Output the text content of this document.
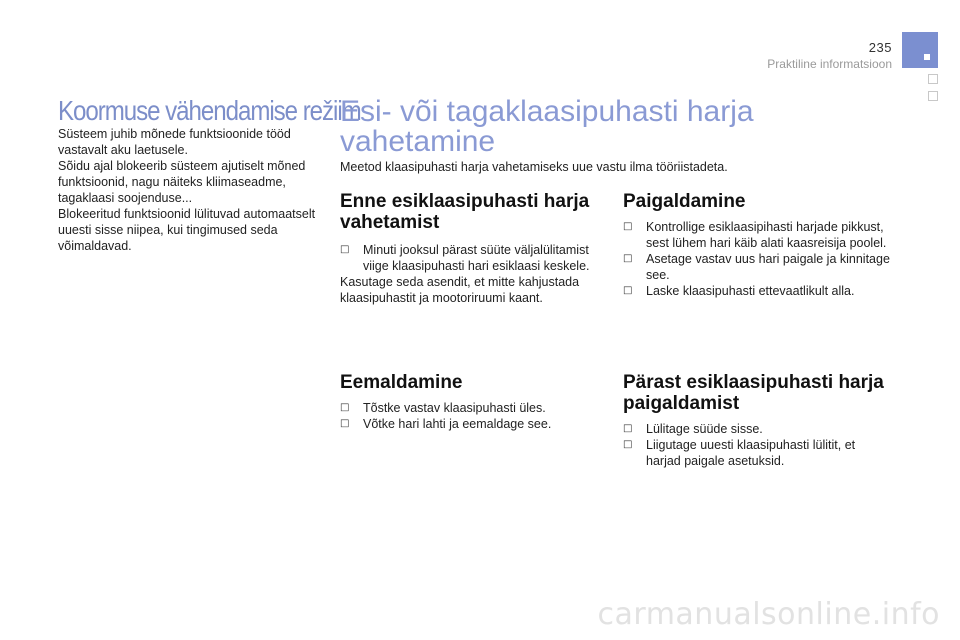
235
Praktiline informatsioon
Koormuse vähendamise režiim

Süsteem juhib mõnede funktsioonide tööd vastavalt aku laetusele.

Sõidu ajal blokeerib süsteem ajutiselt mõned funktsioonid, nagu näiteks kliimaseadme, tagaklaasi soojenduse...

Blokeeritud funktsioonid lülituvad automaatselt uuesti sisse niipea, kui tingimused seda võimaldavad.

Esi- või tagaklaasipuhasti harja vahetamine

Meetod klaasipuhasti harja vahetamiseks uue vastu ilma tööriistadeta.

Enne esiklaasipuhasti harja vahetamist
□ Minuti jooksul pärast süüte väljalülitamist viige klaasipuhasti hari esiklaasi keskele.

Kasutage seda asendit, et mitte kahjustada klaasipuhastit ja mootoriruumi kaant.

Eemaldamine
□ Tõstke vastav klaasipuhasti üles.
□ Võtke hari lahti ja eemaldage see.
Paigaldamine
□ Kontrollige esiklaasipihasti harjade pikkust, sest lühem hari käib alati kaasreisija poolel.
□ Asetage vastav uus hari paigale ja kinnitage see.
□ Laske klaasipuhasti ettevaatlikult alla.
Pärast esiklaasipuhasti harja paigaldamist
□ Lülitage süüde sisse.
□ Liigutage uuesti klaasipuhasti lülitit, et harjad paigale asetuksid.
carmanualsonline.info
